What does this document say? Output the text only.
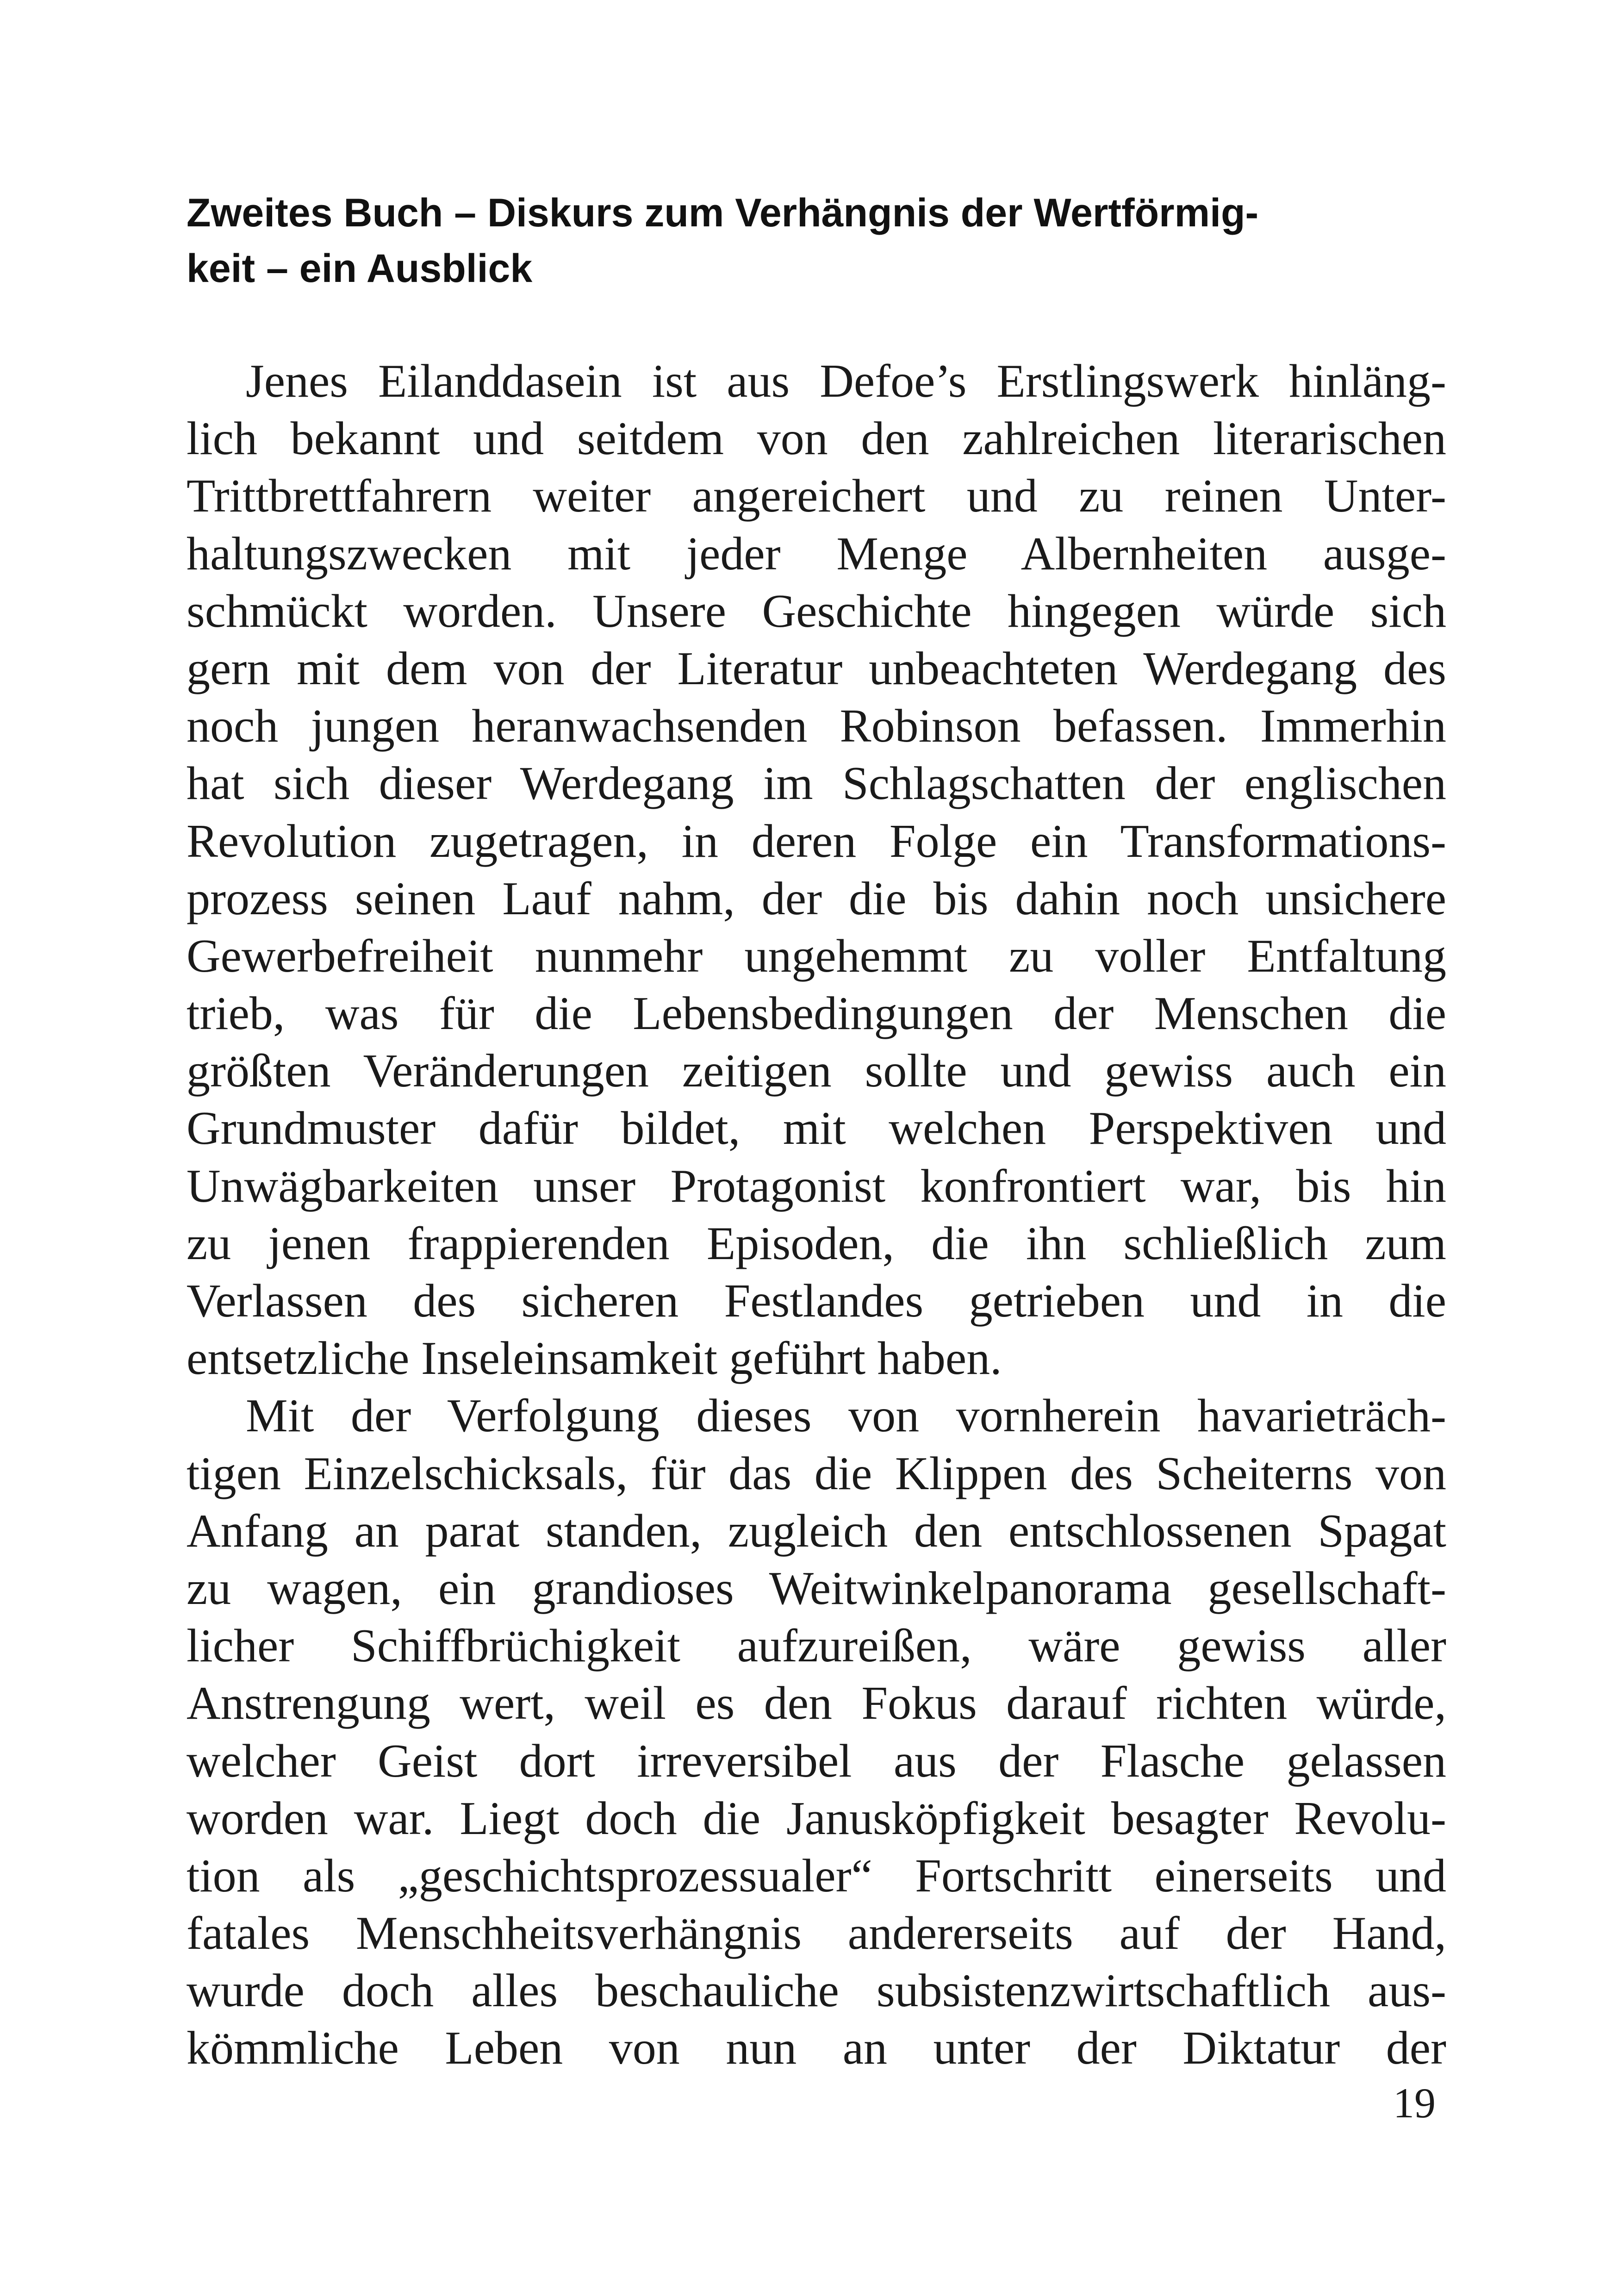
Zweites Buch – Diskurs zum Verhängnis der Wertförmig-
keit – ein Ausblick
Jenes Eilanddasein ist aus Defoe’s Erstlingswerk hinläng-
lich bekannt und seitdem von den zahlreichen literarischen
Trittbrettfahrern weiter angereichert und zu reinen Unter-
haltungszwecken mit jeder Menge Albernheiten ausge-
schmückt worden. Unsere Geschichte hingegen würde sich
gern mit dem von der Literatur unbeachteten Werdegang des
noch jungen heranwachsenden Robinson befassen. Immerhin
hat sich dieser Werdegang im Schlagschatten der englischen
Revolution zugetragen, in deren Folge ein Transformations-
prozess seinen Lauf nahm, der die bis dahin noch unsichere
Gewerbefreiheit nunmehr ungehemmt zu voller Entfaltung
trieb, was für die Lebensbedingungen der Menschen die
größten Veränderungen zeitigen sollte und gewiss auch ein
Grundmuster dafür bildet, mit welchen Perspektiven und
Unwägbarkeiten unser Protagonist konfrontiert war, bis hin
zu jenen frappierenden Episoden, die ihn schließlich zum
Verlassen des sicheren Festlandes getrieben und in die
entsetzliche Inseleinsamkeit geführt haben.
Mit der Verfolgung dieses von vornherein havarieträch-
tigen Einzelschicksals, für das die Klippen des Scheiterns von
Anfang an parat standen, zugleich den entschlossenen Spagat
zu wagen, ein grandioses Weitwinkelpanorama gesellschaft-
licher Schiffbrüchigkeit aufzureißen, wäre gewiss aller
Anstrengung wert, weil es den Fokus darauf richten würde,
welcher Geist dort irreversibel aus der Flasche gelassen
worden war. Liegt doch die Janusköpfigkeit besagter Revolu-
tion als „geschichtsprozessualer“ Fortschritt einerseits und
fatales Menschheitsverhängnis andererseits auf der Hand,
wurde doch alles beschauliche subsistenzwirtschaftlich aus-
kömmliche Leben von nun an unter der Diktatur der
19
